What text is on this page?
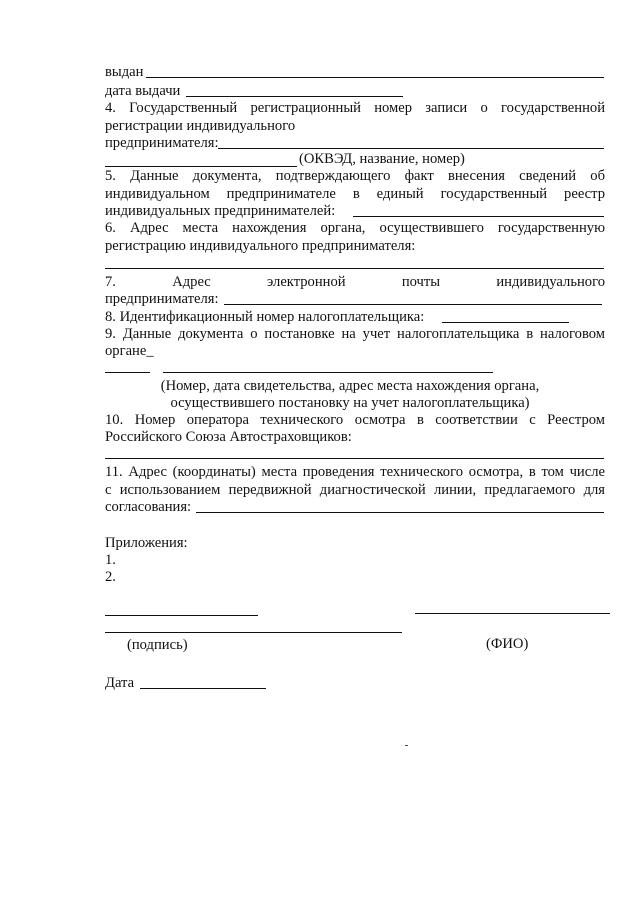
выдан
дата выдачи
4. Государственный регистрационный номер записи о государственной
регистрации индивидуального
предпринимателя:
(ОКВЭД, название, номер)
5. Данные документа, подтверждающего факт внесения сведений об
индивидуальном предпринимателе в единый государственный реестр
индивидуальных предпринимателей:
6. Адрес места нахождения органа, осуществившего государственную
регистрацию индивидуального предпринимателя:
7. Адрес электронной почты индивидуального
предпринимателя:
8. Идентификационный номер налогоплательщика:
9. Данные документа о постановке на учет налогоплательщика в налоговом
органе_
(Номер, дата свидетельства, адрес места нахождения органа,
осуществившего постановку на учет налогоплательщика)
10. Номер оператора технического осмотра в соответствии с Реестром
Российского Союза Автостраховщиков:
11. Адрес (координаты) места проведения технического осмотра, в том числе
с использованием передвижной диагностической линии, предлагаемого для
согласования:
Приложения:
1.
2.
(подпись)	(ФИО)
Дата
